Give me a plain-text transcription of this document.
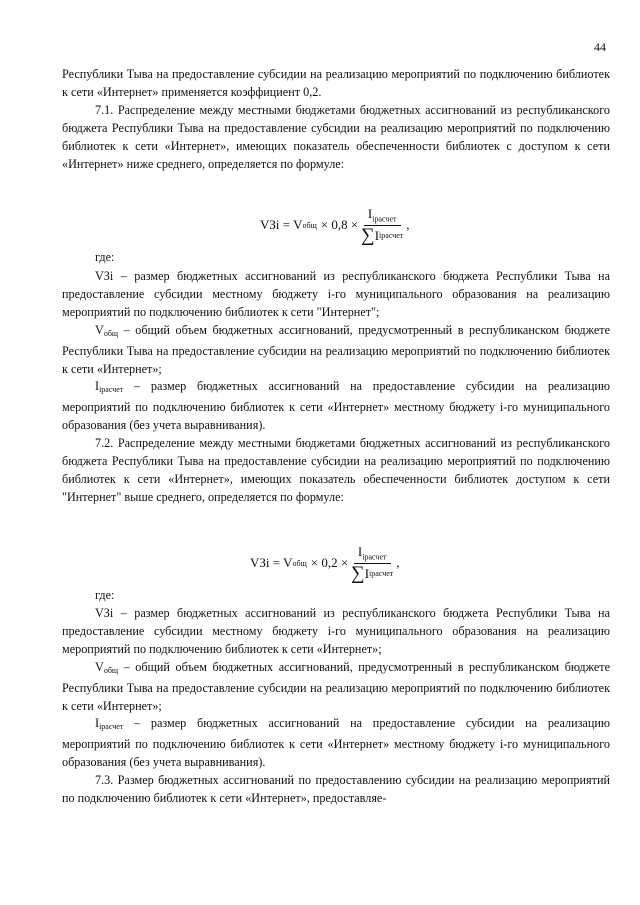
44

Республики Тыва на предоставление субсидии на реализацию мероприятий по подключению библиотек к сети «Интернет» применяется коэффициент 0,2.

7.1. Распределение между местными бюджетами бюджетных ассигнований из республиканского бюджета Республики Тыва на предоставление субсидии на реализацию мероприятий по подключению библиотек к сети «Интернет», имеющих показатель обеспеченности библиотек с доступом к сети «Интернет» ниже среднего, определяется по формуле:

VЗi = V общ × $0,8 \times \frac{I_{iрасчет}}{\text{∑ I iрасчет}}$ ,
где:

VЗi – размер бюджетных ассигнований из республиканского бюджета Республики Тыва на предоставление субсидии местному бюджету i-го муниципального образования на реализацию мероприятий по подключению библиотек к сети "Интернет";

Vобщ – общий объем бюджетных ассигнований, предусмотренный в республиканском бюджете Республики Тыва на предоставление субсидии на реализацию мероприятий по подключению библиотек к сети «Интернет»;

Iiрасчет – размер бюджетных ассигнований на предоставление субсидии на реализацию мероприятий по подключению библиотек к сети «Интернет» местному бюджету i-го муниципального образования (без учета выравнивания).

7.2. Распределение между местными бюджетами бюджетных ассигнований из республиканского бюджета Республики Тыва на предоставление субсидии на реализацию мероприятий по подключению библиотек к сети «Интернет», имеющих показатель обеспеченности библиотек доступом к сети "Интернет" выше среднего, определяется по формуле:

VЗi = V общ × $0,2 \times \frac{I_{iрасчет}}{\text{∑ I iрасчет}}$ ,
где:

VЗi – размер бюджетных ассигнований из республиканского бюджета Республики Тыва на предоставление субсидии местному бюджету i-го муниципального образования на реализацию мероприятий по подключению библиотек к сети «Интернет»;

Vобщ – общий объем бюджетных ассигнований, предусмотренный в республиканском бюджете Республики Тыва на предоставление субсидии на реализацию мероприятий по подключению библиотек к сети «Интернет»;

Iiрасчет – размер бюджетных ассигнований на предоставление субсидии на реализацию мероприятий по подключению библиотек к сети «Интернет» местному бюджету i-го муниципального образования (без учета выравнивания).

7.3. Размер бюджетных ассигнований по предоставлению субсидии на реализацию мероприятий по подключению библиотек к сети «Интернет», предоставляе-
